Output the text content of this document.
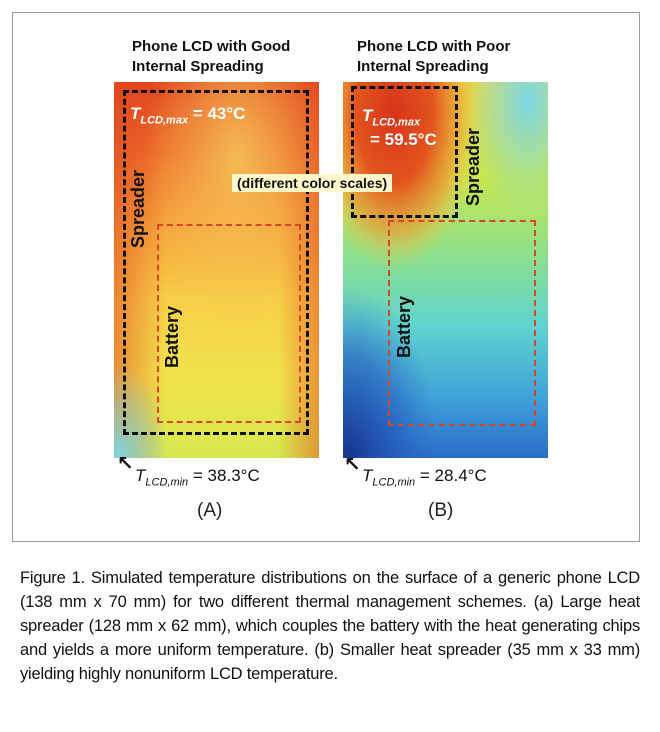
Phone LCD with Good
Internal Spreading
Phone LCD with Poor
Internal Spreading
$T_{LCD,max} = 43^\circ C$
Spreader
Battery
$T_{LCD,max}$
= 59.5°C Spreader
Battery
(different color scales)
↖
$T_{LCD,min} = 38.3^\circ C$	↖ $T_{LCD,min} = 28.4^\circ C$
(A)	(B)
Figure 1. Simulated temperature distributions on the surface of a generic phone LCD (138 mm x 70 mm) for two different thermal management schemes. (a) Large heat spreader (128 mm x 62 mm), which couples the battery with the heat generating chips and yields a more uniform temperature. (b) Smaller heat spreader (35 mm x 33 mm) yielding highly nonuniform LCD temperature.
